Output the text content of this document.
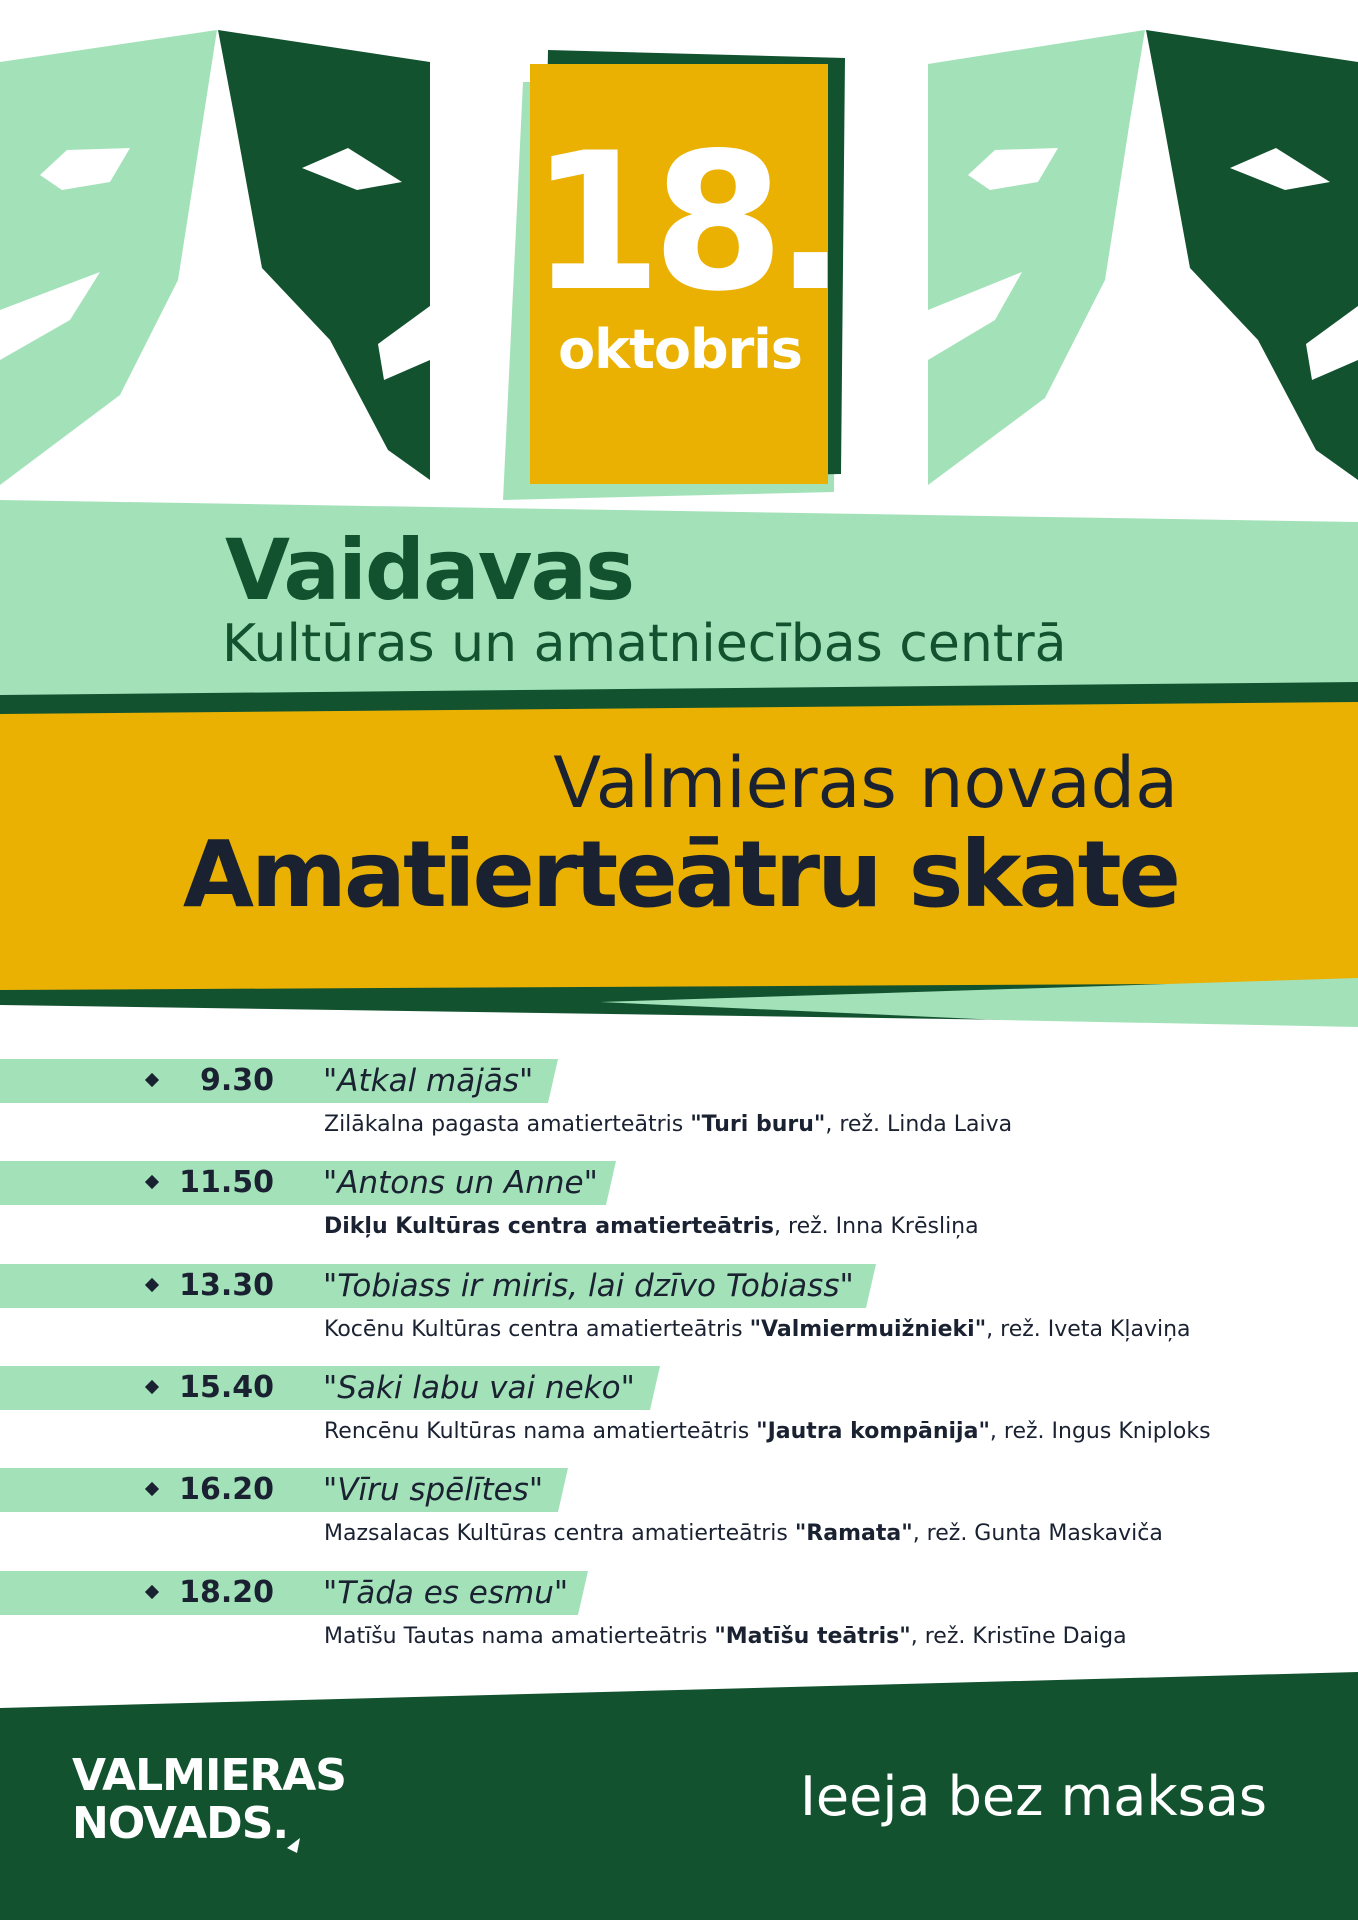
18.
oktobris
Vaidavas
Kultūras un amatniecības centrā
Valmieras novada
Amatierteātru skate
9.30 "Atkal mājās"
Zilākalna pagasta amatierteātris "Turi buru", rež. Linda Laiva
11.50 "Antons un Anne"
Dikļu Kultūras centra amatierteātris, rež. Inna Krēsliņa
13.30 "Tobiass ir miris, lai dzīvo Tobiass"
Kocēnu Kultūras centra amatierteātris "Valmiermuižnieki", rež. Iveta Kļaviņa
15.40 "Saki labu vai neko"
Rencēnu Kultūras nama amatierteātris "Jautra kompānija", rež. Ingus Kniploks
16.20 "Vīru spēlītes"
Mazsalacas Kultūras centra amatierteātris "Ramata", rež. Gunta Maskaviča
18.20 "Tāda es esmu"
Matīšu Tautas nama amatierteātris "Matīšu teātris", rež. Kristīne Daiga
VALMIERAS
NOVADS.	Ieeja bez maksas
